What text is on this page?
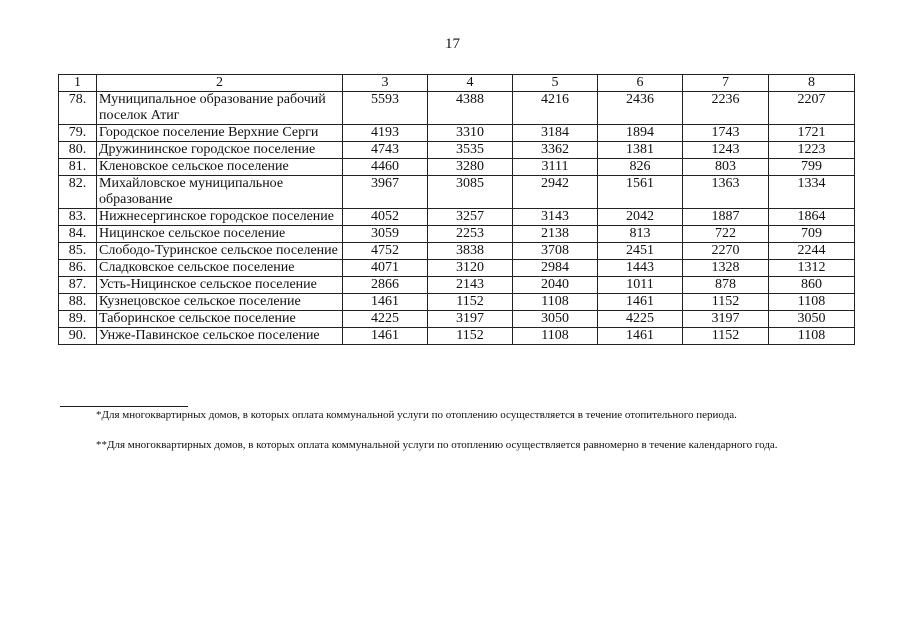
17
1	2	3	4	5	6	7	8
78.	Муниципальное образование рабочий поселок Атиг	5593	4388	4216	2436	2236	2207
79.	Городское поселение Верхние Серги	4193	3310	3184	1894	1743	1721
80.	Дружининское городское поселение	4743	3535	3362	1381	1243	1223
81.	Кленовское сельское поселение	4460	3280	3111	826	803	799
82.	Михайловское муниципальное образование	3967	3085	2942	1561	1363	1334
83.	Нижнесергинское городское поселение	4052	3257	3143	2042	1887	1864
84.	Ницинское сельское поселение	3059	2253	2138	813	722	709
85.	Слободо-Туринское сельское поселение	4752	3838	3708	2451	2270	2244
86.	Сладковское сельское поселение	4071	3120	2984	1443	1328	1312
87.	Усть-Ницинское сельское поселение	2866	2143	2040	1011	878	860
88.	Кузнецовское сельское поселение	1461	1152	1108	1461	1152	1108
89.	Таборинское сельское поселение	4225	3197	3050	4225	3197	3050
90.	Унже-Павинское сельское поселение	1461	1152	1108	1461	1152	1108
*Для многоквартирных домов, в которых оплата коммунальной услуги по отоплению осуществляется в течение отопительного периода.
**Для многоквартирных домов, в которых оплата коммунальной услуги по отоплению осуществляется равномерно в течение календарного года.
